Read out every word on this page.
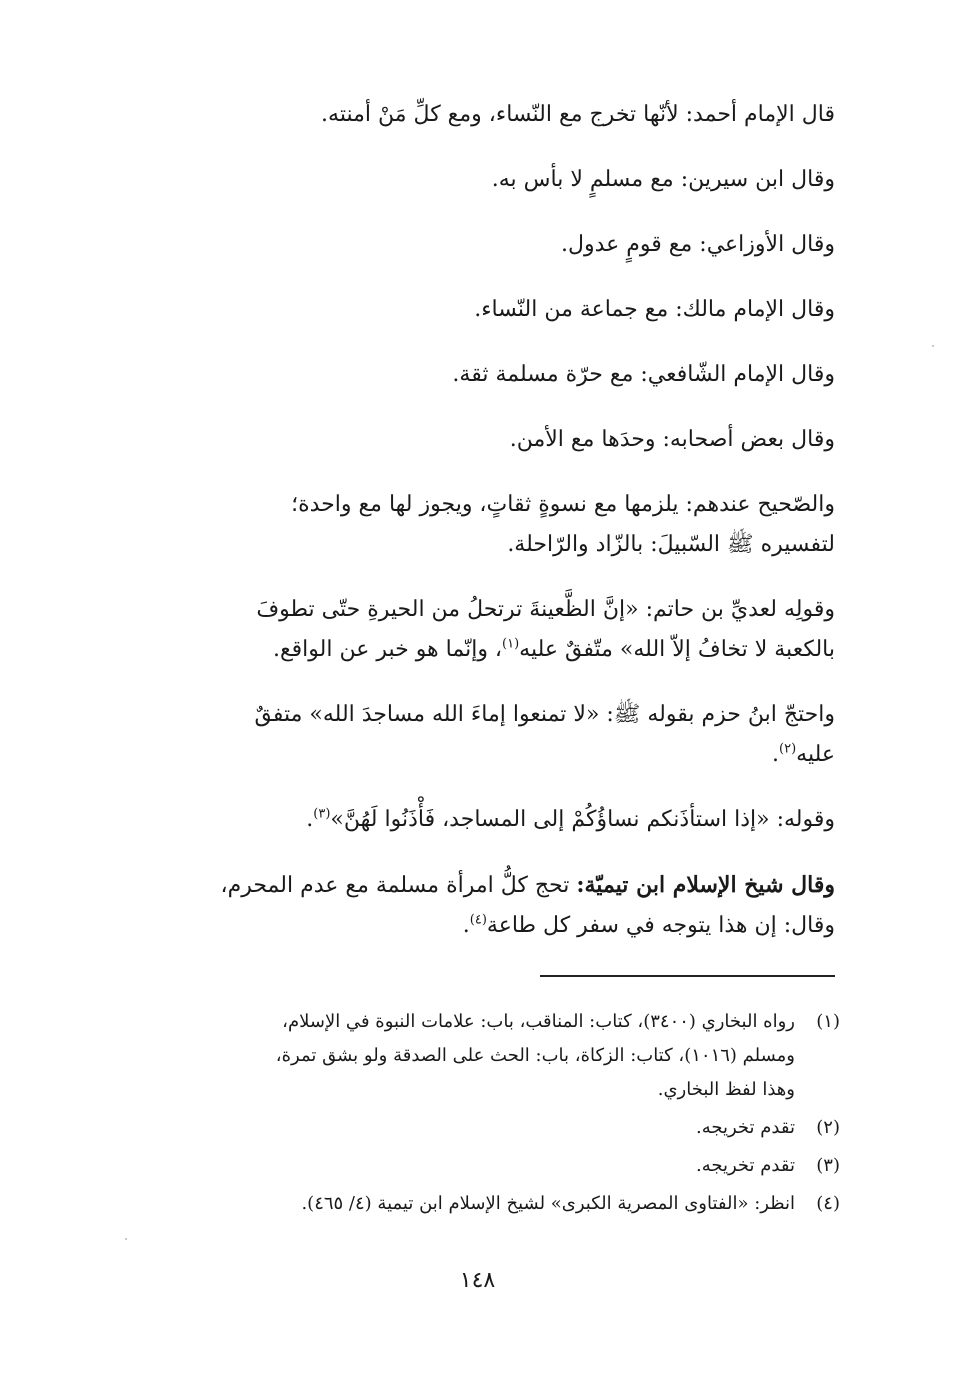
قال الإمام أحمد: لأنّها تخرج مع النّساء، ومع كلِّ مَنْ أمنته.

وقال ابن سيرين: مع مسلمٍ لا بأس به.

وقال الأوزاعي: مع قومٍ عدول.

وقال الإمام مالك: مع جماعة من النّساء.

وقال الإمام الشّافعي: مع حرّة مسلمة ثقة.

وقال بعض أصحابه: وحدَها مع الأمن.

والصّحيح عندهم: يلزمها مع نسوةٍ ثقاتٍ، ويجوز لها مع واحدة؛

لتفسيره ﷺ السّبيلَ: بالزّاد والرّاحلة.

وقولِه لعديِّ بن حاتم: «إنَّ الظَّعينةَ ترتحلُ من الحيرةِ حتّى تطوفَ

بالكعبة لا تخافُ إلاّ الله» متّفقٌ عليه$^{(١)}$، وإنّما هو خبر عن الواقع.

واحتجّ ابنُ حزم بقوله ﷺ: «لا تمنعوا إماءَ الله مساجدَ الله» متفقٌ

عليه$^{(٢)}$.

وقوله: «إذا استأذَنكم نساؤُكُمْ إلى المساجد، فَأْذَنُوا لَهُنَّ»$^{(٣)}$.

وقال شيخ الإسلام ابن تيميّة: تحج كلُّ امرأة مسلمة مع عدم المحرم،

وقال: إن هذا يتوجه في سفر كل طاعة$^{(٤)}$.

(١)
رواه البخاري (٣٤٠٠)، كتاب: المناقب، باب: علامات النبوة في الإسلام،
ومسلم (١٠١٦)، كتاب: الزكاة، باب: الحث على الصدقة ولو بشق تمرة،
وهذا لفظ البخاري.
(٢)
تقدم تخريجه.
(٣)
تقدم تخريجه.
(٤)
انظر: «الفتاوى المصرية الكبرى» لشيخ الإسلام ابن تيمية (٤/ ٤٦٥).
١٤٨
